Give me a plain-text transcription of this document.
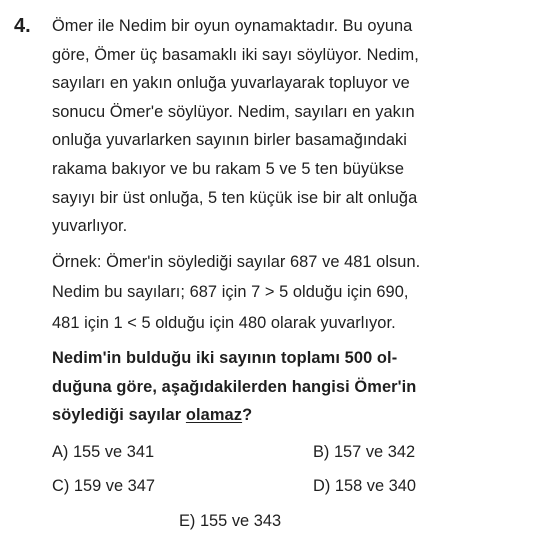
4. Ömer ile Nedim bir oyun oynamaktadır. Bu oyuna
göre, Ömer üç basamaklı iki sayı söylüyor. Nedim,
sayıları en yakın onluğa yuvarlayarak topluyor ve
sonucu Ömer'e söylüyor. Nedim, sayıları en yakın
onluğa yuvarlarken sayının birler basamağındaki
rakama bakıyor ve bu rakam 5 ve 5 ten büyükse
sayıyı bir üst onluğa, 5 ten küçük ise bir alt onluğa
yuvarlıyor.
Örnek: Ömer'in söylediği sayılar 687 ve 481 olsun.
Nedim bu sayıları; 687 için 7 > 5 olduğu için 690,
481 için 1 < 5 olduğu için 480 olarak yuvarlıyor.
Nedim'in bulduğu iki sayının toplamı 500 ol-
duğuna göre, aşağıdakilerden hangisi Ömer'in
söylediği sayılar olamaz?
A) 155 ve 341	B) 157 ve 342
C) 159 ve 347	D) 158 ve 340
E) 155 ve 343
